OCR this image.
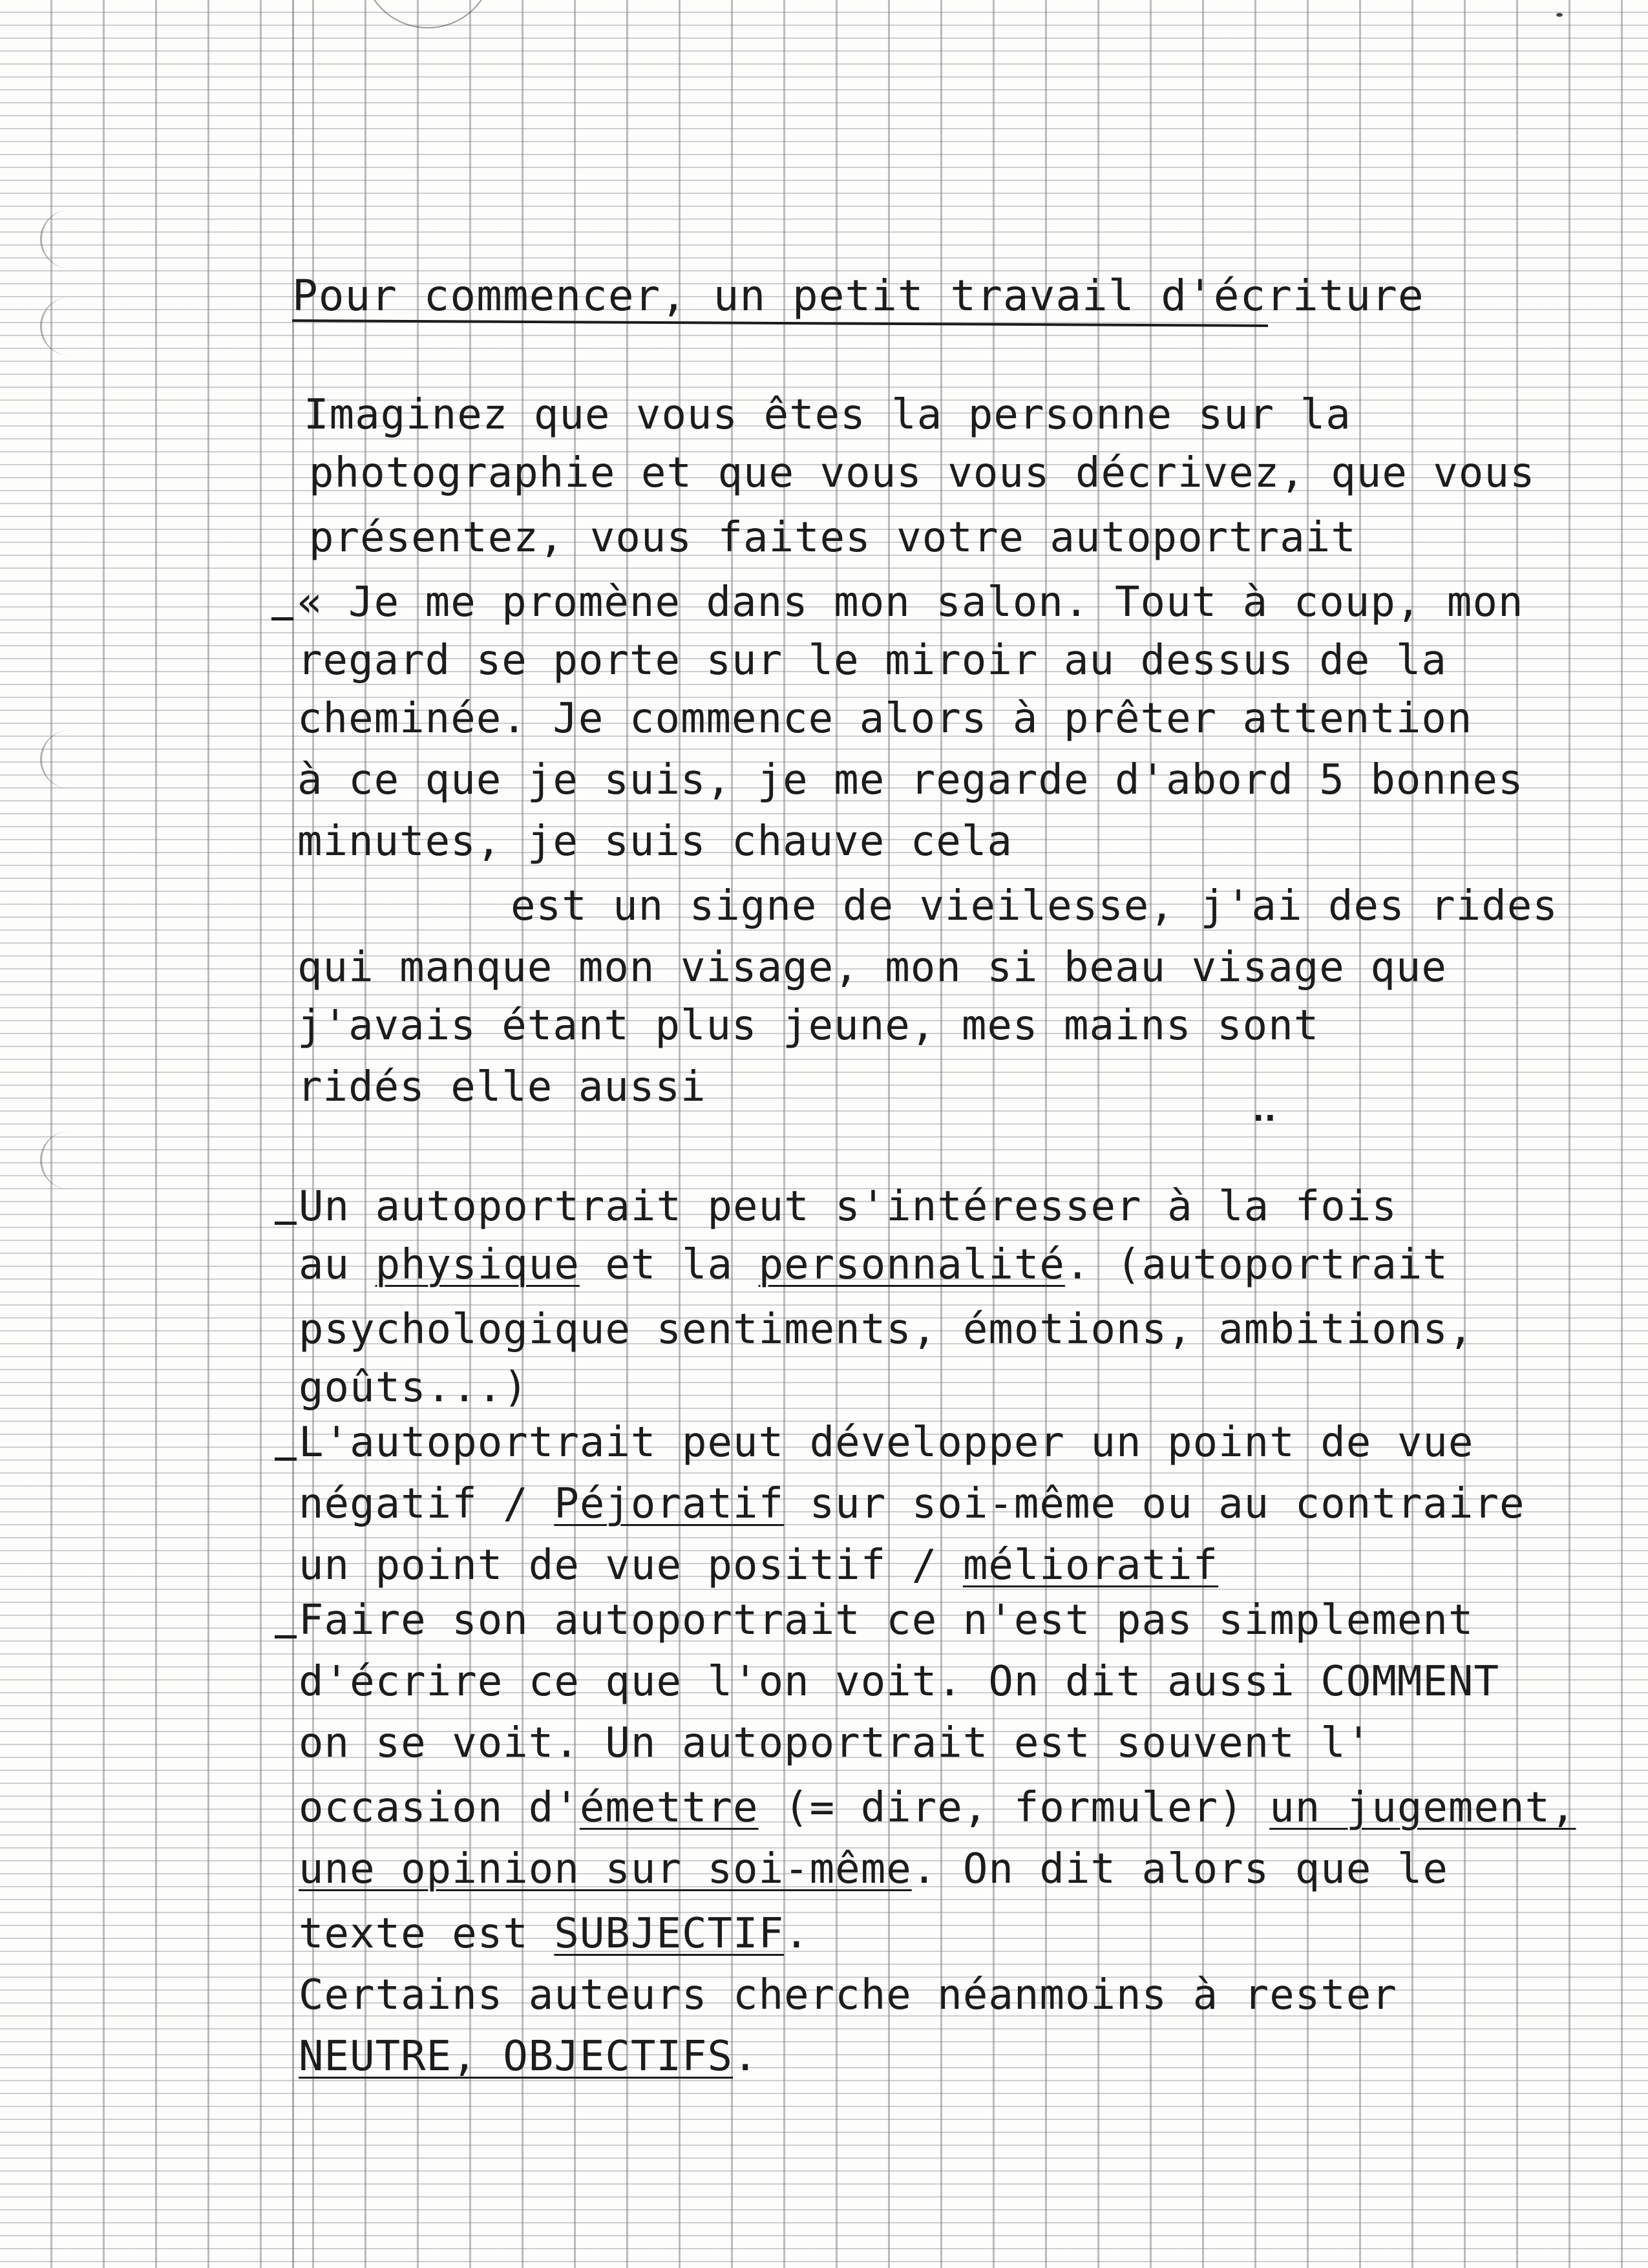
Pour commencer, un petit travail d'écriture
Imaginez que vous êtes la personne sur la
photographie et que vous vous décrivez, que vous
présentez, vous faites votre autoportrait
« Je me promène dans mon salon. Tout à coup, mon
regard se porte sur le miroir au dessus de la
cheminée. Je commence alors à prêter attention
à ce que je suis, je me regarde d'abord 5 bonnes
minutes, je suis chauve cela
est un signe de vieilesse, j'ai des rides
qui manque mon visage, mon si beau visage que
j'avais étant plus jeune, mes mains sont
ridés elle aussi	..
Un autoportrait peut s'intéresser à la fois
au physique et la personnalité. (autoportrait
psychologique sentiments, émotions, ambitions,
goûts...)
L'autoportrait peut développer un point de vue
négatif / Péjoratif sur soi-même ou au contraire
un point de vue positif / mélioratif
Faire son autoportrait ce n'est pas simplement
d'écrire ce que l'on voit. On dit aussi COMMENT
on se voit. Un autoportrait est souvent l'
occasion d'émettre (= dire, formuler) un jugement,
une opinion sur soi-même. On dit alors que le
texte est SUBJECTIF.
Certains auteurs cherche néanmoins à rester
NEUTRE, OBJECTIFS.
